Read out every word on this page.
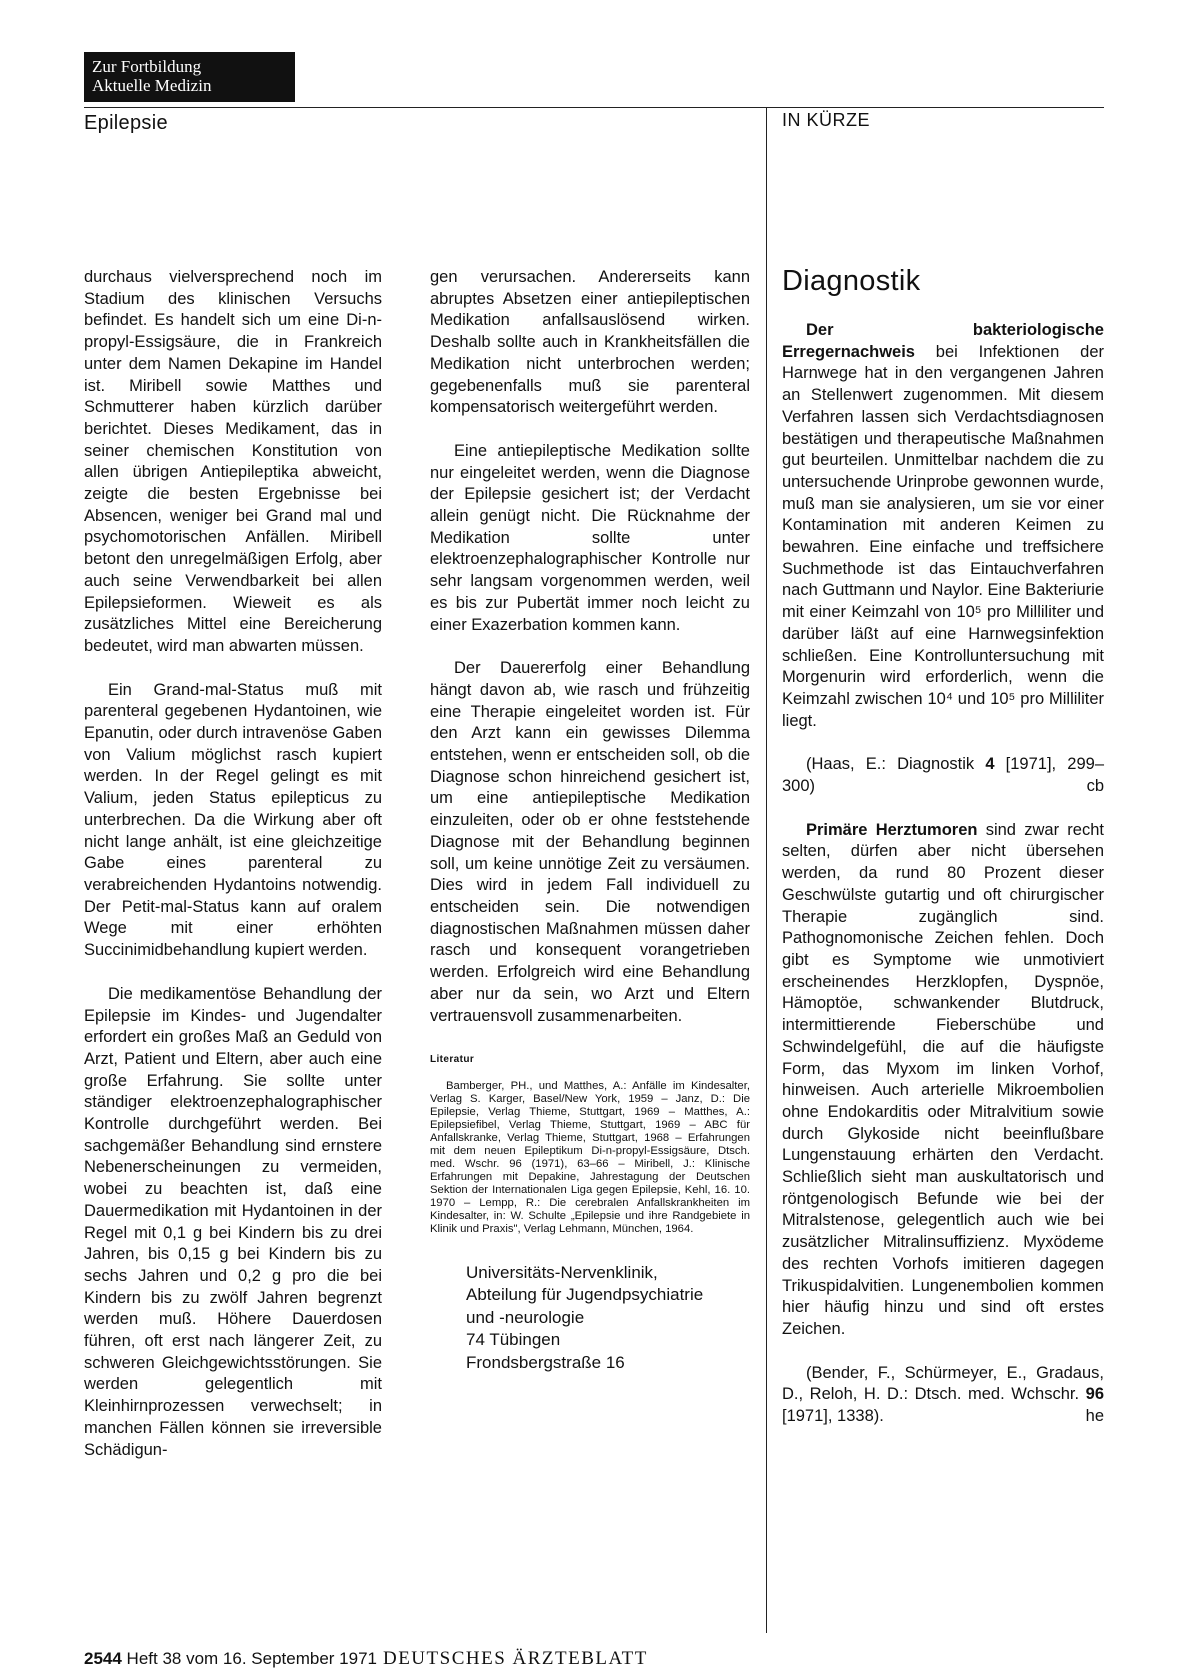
Zur Fortbildung
Aktuelle Medizin
Epilepsie	IN KÜRZE

durchaus vielversprechend noch im Stadium des klinischen Versuchs befindet. Es handelt sich um eine Di-n-propyl-Essigsäure, die in Frankreich unter dem Namen Dekapine im Handel ist. Miribell sowie Matthes und Schmutterer haben kürzlich darüber berichtet. Dieses Medikament, das in seiner chemischen Konstitution von allen übrigen Antiepileptika abweicht, zeigte die besten Ergebnisse bei Absencen, weniger bei Grand mal und psychomotorischen Anfällen. Miribell betont den unregelmäßigen Erfolg, aber auch seine Verwendbarkeit bei allen Epilepsieformen. Wieweit es als zusätzliches Mittel eine Bereicherung bedeutet, wird man abwarten müssen.

Ein Grand-mal-Status muß mit parenteral gegebenen Hydantoinen, wie Epanutin, oder durch intravenöse Gaben von Valium möglichst rasch kupiert werden. In der Regel gelingt es mit Valium, jeden Status epilepticus zu unterbrechen. Da die Wirkung aber oft nicht lange anhält, ist eine gleichzeitige Gabe eines parenteral zu verabreichenden Hydantoins notwendig. Der Petit-mal-Status kann auf oralem Wege mit einer erhöhten Succinimidbehandlung kupiert werden.

Die medikamentöse Behandlung der Epilepsie im Kindes- und Jugendalter erfordert ein großes Maß an Geduld von Arzt, Patient und Eltern, aber auch eine große Erfahrung. Sie sollte unter ständiger elektroenzephalographischer Kontrolle durchgeführt werden. Bei sachgemäßer Behandlung sind ernstere Nebenerscheinungen zu vermeiden, wobei zu beachten ist, daß eine Dauermedikation mit Hydantoinen in der Regel mit 0,1 g bei Kindern bis zu drei Jahren, bis 0,15 g bei Kindern bis zu sechs Jahren und 0,2 g pro die bei Kindern bis zu zwölf Jahren begrenzt werden muß. Höhere Dauerdosen führen, oft erst nach längerer Zeit, zu schweren Gleichgewichtsstörungen. Sie werden gelegentlich mit Kleinhirnprozessen verwechselt; in manchen Fällen können sie irreversible Schädigun-

gen verursachen. Andererseits kann abruptes Absetzen einer antiepileptischen Medikation anfallsauslösend wirken. Deshalb sollte auch in Krankheitsfällen die Medikation nicht unterbrochen werden; gegebenenfalls muß sie parenteral kompensatorisch weitergeführt werden.

Eine antiepileptische Medikation sollte nur eingeleitet werden, wenn die Diagnose der Epilepsie gesichert ist; der Verdacht allein genügt nicht. Die Rücknahme der Medikation sollte unter elektroenzephalographischer Kontrolle nur sehr langsam vorgenommen werden, weil es bis zur Pubertät immer noch leicht zu einer Exazerbation kommen kann.

Der Dauererfolg einer Behandlung hängt davon ab, wie rasch und frühzeitig eine Therapie eingeleitet worden ist. Für den Arzt kann ein gewisses Dilemma entstehen, wenn er entscheiden soll, ob die Diagnose schon hinreichend gesichert ist, um eine antiepileptische Medikation einzuleiten, oder ob er ohne feststehende Diagnose mit der Behandlung beginnen soll, um keine unnötige Zeit zu versäumen. Dies wird in jedem Fall individuell zu entscheiden sein. Die notwendigen diagnostischen Maßnahmen müssen daher rasch und konsequent vorangetrieben werden. Erfolgreich wird eine Behandlung aber nur da sein, wo Arzt und Eltern vertrauensvoll zusammenarbeiten.

Literatur
Bamberger, PH., und Matthes, A.: Anfälle im Kindesalter, Verlag S. Karger, Basel/New York, 1959 – Janz, D.: Die Epilepsie, Verlag Thieme, Stuttgart, 1969 – Matthes, A.: Epilepsiefibel, Verlag Thieme, Stuttgart, 1969 – ABC für Anfallskranke, Verlag Thieme, Stuttgart, 1968 – Erfahrungen mit dem neuen Epileptikum Di-n-propyl-Essigsäure, Dtsch. med. Wschr. 96 (1971), 63–66 – Miribell, J.: Klinische Erfahrungen mit Depakine, Jahrestagung der Deutschen Sektion der Internationalen Liga gegen Epilepsie, Kehl, 16. 10. 1970 – Lempp, R.: Die cerebralen Anfallskrankheiten im Kindesalter, in: W. Schulte „Epilepsie und ihre Randgebiete in Klinik und Praxis", Verlag Lehmann, München, 1964.
Universitäts-Nervenklinik,
Abteilung für Jugendpsychiatrie
und -neurologie
74 Tübingen
Frondsbergstraße 16

Diagnostik

Der bakteriologische Erregernachweis bei Infektionen der Harnwege hat in den vergangenen Jahren an Stellenwert zugenommen. Mit diesem Verfahren lassen sich Verdachtsdiagnosen bestätigen und therapeutische Maßnahmen gut beurteilen. Unmittelbar nachdem die zu untersuchende Urinprobe gewonnen wurde, muß man sie analysieren, um sie vor einer Kontamination mit anderen Keimen zu bewahren. Eine einfache und treffsichere Suchmethode ist das Eintauchverfahren nach Guttmann und Naylor. Eine Bakteriurie mit einer Keimzahl von 10⁵ pro Milliliter und darüber läßt auf eine Harnwegsinfektion schließen. Eine Kontrolluntersuchung mit Morgenurin wird erforderlich, wenn die Keimzahl zwischen 10⁴ und 10⁵ pro Milliliter liegt.

(Haas, E.: Diagnostik 4 [1971], 299–300)	cb

Primäre Herztumoren sind zwar recht selten, dürfen aber nicht übersehen werden, da rund 80 Prozent dieser Geschwülste gutartig und oft chirurgischer Therapie zugänglich sind. Pathognomonische Zeichen fehlen. Doch gibt es Symptome wie unmotiviert erscheinendes Herzklopfen, Dyspnöe, Hämoptöe, schwankender Blutdruck, intermittierende Fieberschübe und Schwindelgefühl, die auf die häufigste Form, das Myxom im linken Vorhof, hinweisen. Auch arterielle Mikroembolien ohne Endokarditis oder Mitralvitium sowie durch Glykoside nicht beeinflußbare Lungenstauung erhärten den Verdacht. Schließlich sieht man auskultatorisch und röntgenologisch Befunde wie bei der Mitralstenose, gelegentlich auch wie bei zusätzlicher Mitralinsuffizienz. Myxödeme des rechten Vorhofs imitieren dagegen Trikuspidalvitien. Lungenembolien kommen hier häufig hinzu und sind oft erstes Zeichen.

(Bender, F., Schürmeyer, E., Gradaus, D., Reloh, H. D.: Dtsch. med. Wchschr. 96 [1971], 1338).	he

2544 Heft 38 vom 16. September 1971 DEUTSCHES ÄRZTEBLATT
